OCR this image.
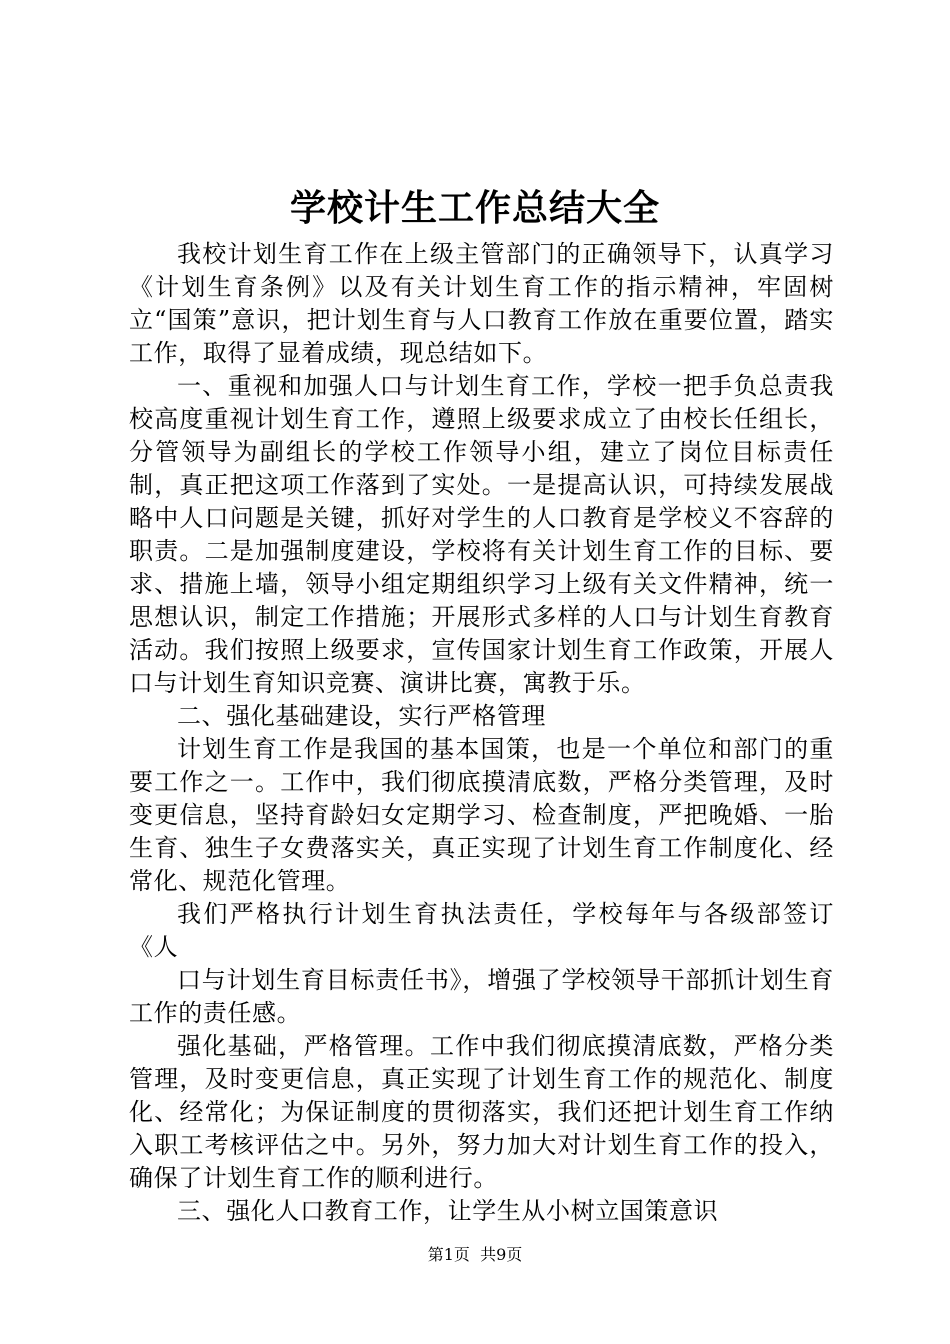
学校计生工作总结大全

我校计划生育工作在上级主管部门的正确领导下，认真学习《计划生育条例》以及有关计划生育工作的指示精神，牢固树立“国策”意识，把计划生育与人口教育工作放在重要位置，踏实工作，取得了显着成绩，现总结如下。

一、重视和加强人口与计划生育工作，学校一把手负总责我校高度重视计划生育工作，遵照上级要求成立了由校长任组长，分管领导为副组长的学校工作领导小组，建立了岗位目标责任制，真正把这项工作落到了实处。一是提高认识，可持续发展战略中人口问题是关键，抓好对学生的人口教育是学校义不容辞的职责。二是加强制度建设，学校将有关计划生育工作的目标、要求、措施上墙，领导小组定期组织学习上级有关文件精神，统一思想认识，制定工作措施；开展形式多样的人口与计划生育教育活动。我们按照上级要求，宣传国家计划生育工作政策，开展人口与计划生育知识竞赛、演讲比赛，寓教于乐。

二、强化基础建设，实行严格管理

计划生育工作是我国的基本国策，也是一个单位和部门的重要工作之一。工作中，我们彻底摸清底数，严格分类管理，及时变更信息，坚持育龄妇女定期学习、检查制度，严把晚婚、一胎生育、独生子女费落实关，真正实现了计划生育工作制度化、经常化、规范化管理。

我们严格执行计划生育执法责任，学校每年与各级部签订《人

口与计划生育目标责任书》，增强了学校领导干部抓计划生育工作的责任感。

强化基础，严格管理。工作中我们彻底摸清底数，严格分类管理，及时变更信息，真正实现了计划生育工作的规范化、制度化、经常化；为保证制度的贯彻落实，我们还把计划生育工作纳入职工考核评估之中。另外，努力加大对计划生育工作的投入，确保了计划生育工作的顺利进行。

三、强化人口教育工作，让学生从小树立国策意识

第1页 共9页
